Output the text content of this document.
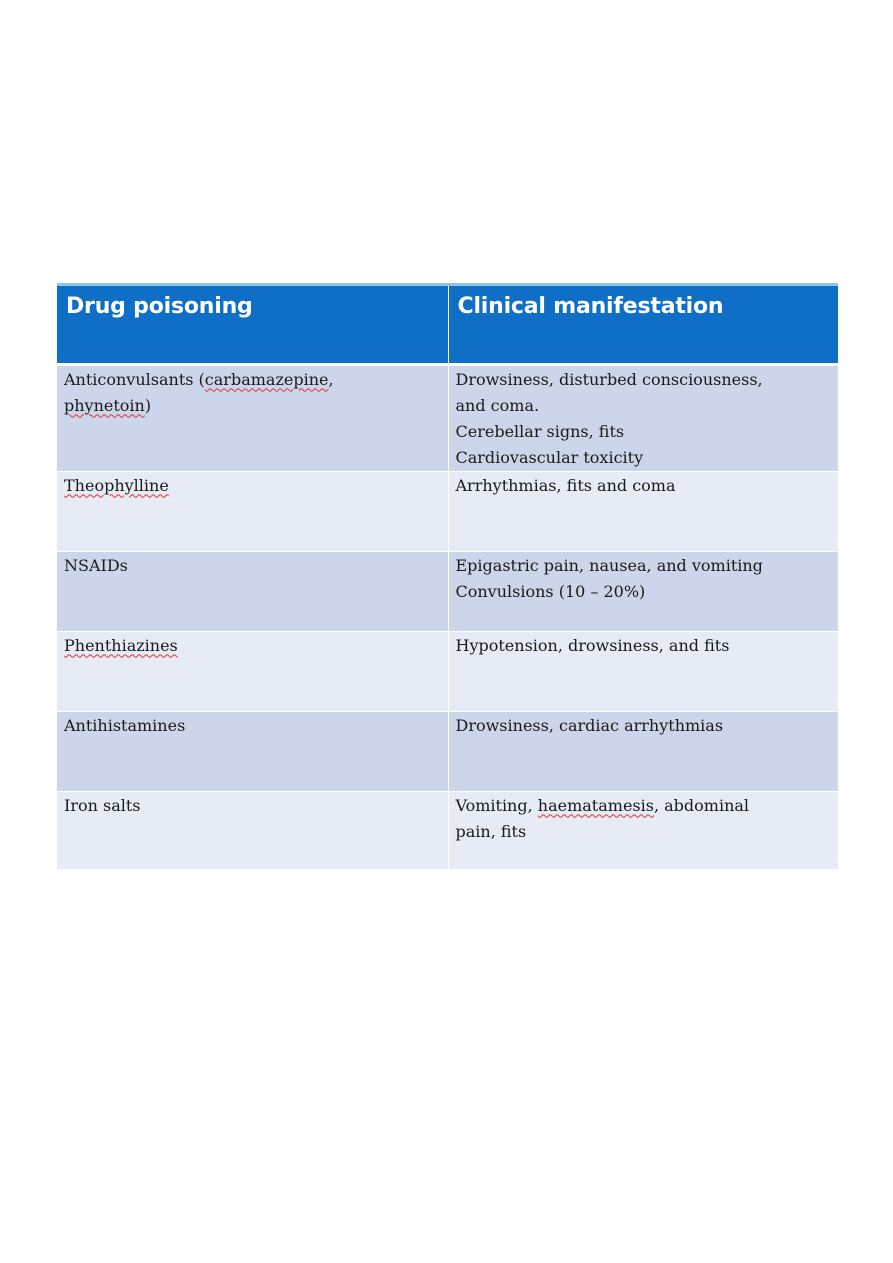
Drug poisoning	Clinical manifestation

Anticonvulsants (carbamazepine,
phynetoin)	Drowsiness, disturbed consciousness,
and coma.
Cerebellar signs, fits
Cardiovascular toxicity

Theophylline	Arrhythmias, fits and coma

NSAIDs	Epigastric pain, nausea, and vomiting
Convulsions (10 – 20%)

Phenthiazines	Hypotension, drowsiness, and fits

Antihistamines	Drowsiness, cardiac arrhythmias

Iron salts	Vomiting, haematamesis, abdominal
pain, fits
